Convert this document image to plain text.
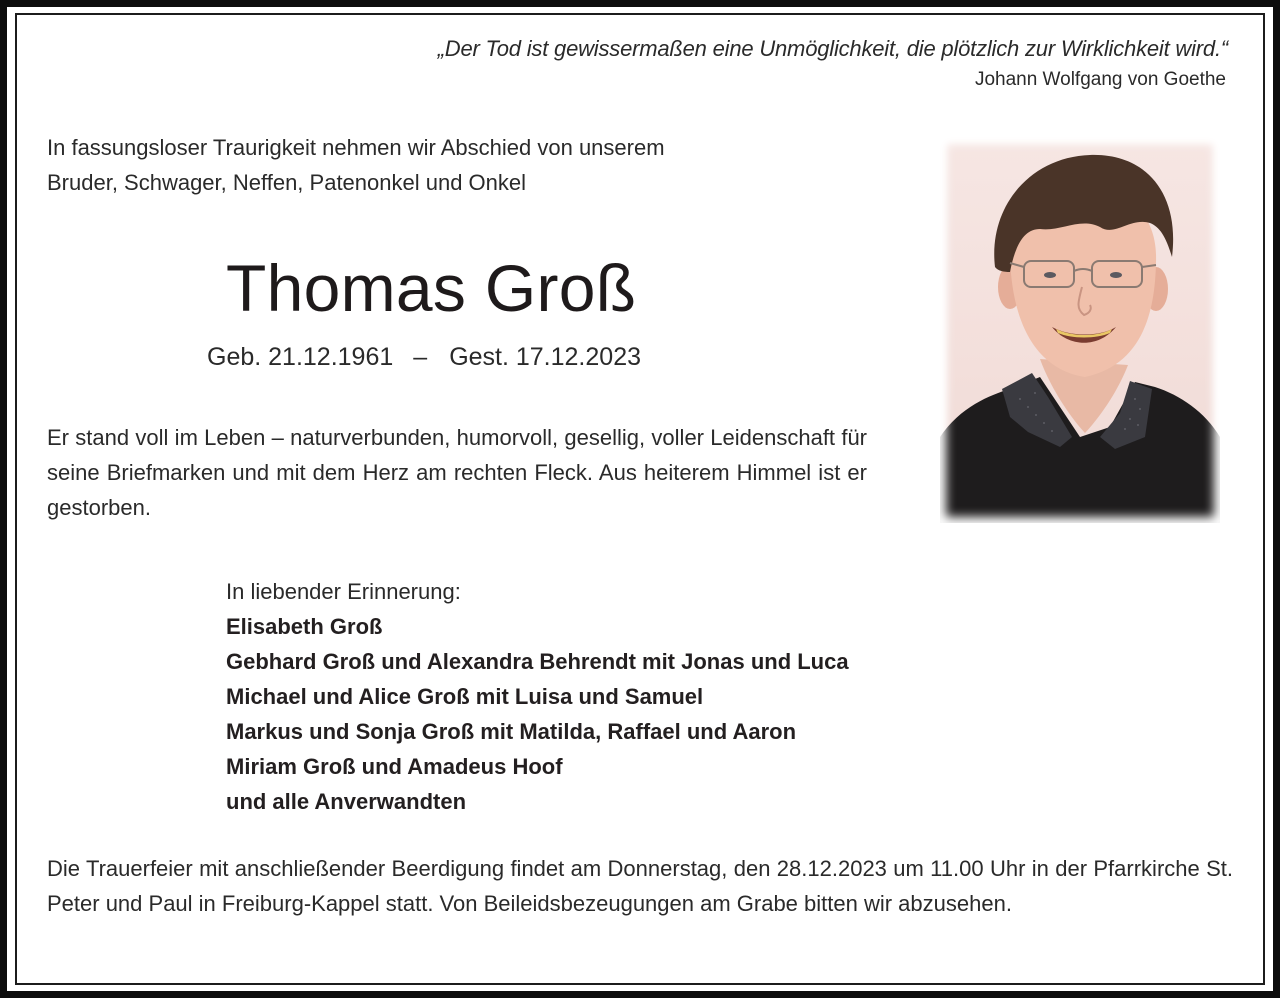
„Der Tod ist gewissermaßen eine Unmöglichkeit, die plötzlich zur Wirklichkeit wird.“
Johann Wolfgang von Goethe
In fassungsloser Traurigkeit nehmen wir Abschied von unserem
Bruder, Schwager, Neffen, Patenonkel und Onkel
Thomas Groß
Geb. 21.12.1961 – Gest. 17.12.2023
Er stand voll im Leben – naturverbunden, humorvoll, gesellig, voller Leidenschaft für seine Briefmarken und mit dem Herz am rechten Fleck. Aus heiterem Himmel ist er gestorben.
In liebender Erinnerung:
Elisabeth Groß
Gebhard Groß und Alexandra Behrendt mit Jonas und Luca
Michael und Alice Groß mit Luisa und Samuel
Markus und Sonja Groß mit Matilda, Raffael und Aaron
Miriam Groß und Amadeus Hoof
und alle Anverwandten
Die Trauerfeier mit anschließender Beerdigung findet am Donnerstag, den 28.12.2023 um 11.00 Uhr in der Pfarrkirche St. Peter und Paul in Freiburg-Kappel statt. Von Beileidsbezeugungen am Grabe bitten wir abzusehen.
